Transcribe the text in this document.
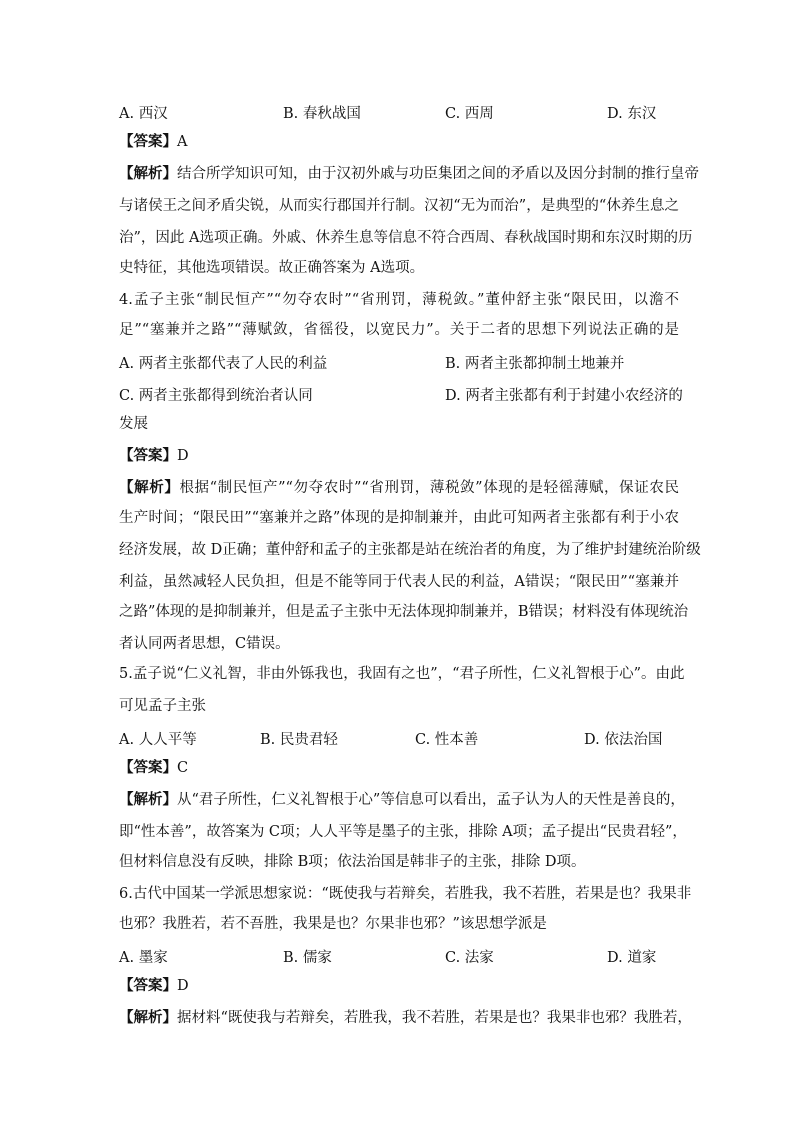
A. 西汉	B. 春秋战国	C. 西周	D. 东汉
【答案】A
【解析】结合所学知识可知，由于汉初外戚与功臣集团之间的矛盾以及因分封制的推行皇帝
与诸侯王之间矛盾尖锐，从而实行郡国并行制。汉初“无为而治”，是典型的“休养生息之
治”，因此 A选项正确。外戚、休养生息等信息不符合西周、春秋战国时期和东汉时期的历
史特征，其他选项错误。故正确答案为 A选项。
4.孟子主张“制民恒产”“勿夺农时”“省刑罚，薄税敛。”董仲舒主张“限民田，以澹不
足”“塞兼并之路”“薄赋敛，省徭役，以宽民力”。关于二者的思想下列说法正确的是
A. 两者主张都代表了人民的利益	B. 两者主张都抑制土地兼并
C. 两者主张都得到统治者认同	D. 两者主张都有利于封建小农经济的
发展
【答案】D
【解析】根据“制民恒产”“勿夺农时”“省刑罚，薄税敛”体现的是轻徭薄赋，保证农民
生产时间；“限民田”“塞兼并之路”体现的是抑制兼并，由此可知两者主张都有利于小农
经济发展，故 D正确；董仲舒和孟子的主张都是站在统治者的角度，为了维护封建统治阶级
利益，虽然减轻人民负担，但是不能等同于代表人民的利益，A错误；“限民田”“塞兼并
之路”体现的是抑制兼并，但是孟子主张中无法体现抑制兼并，B错误；材料没有体现统治
者认同两者思想，C错误。
5.孟子说“仁义礼智，非由外铄我也，我固有之也”，“君子所性，仁义礼智根于心”。由此
可见孟子主张
A. 人人平等	B. 民贵君轻	C. 性本善	D. 依法治国
【答案】C
【解析】从“君子所性，仁义礼智根于心”等信息可以看出，孟子认为人的天性是善良的，
即“性本善”，故答案为 C项；人人平等是墨子的主张，排除 A项；孟子提出“民贵君轻”，
但材料信息没有反映，排除 B项；依法治国是韩非子的主张，排除 D项。
6.古代中国某一学派思想家说：“既使我与若辩矣，若胜我，我不若胜，若果是也？我果非
也邪？我胜若，若不吾胜，我果是也？尔果非也邪？”该思想学派是
A. 墨家	B. 儒家	C. 法家	D. 道家
【答案】D
【解析】据材料“既使我与若辩矣，若胜我，我不若胜，若果是也？我果非也邪？我胜若，
